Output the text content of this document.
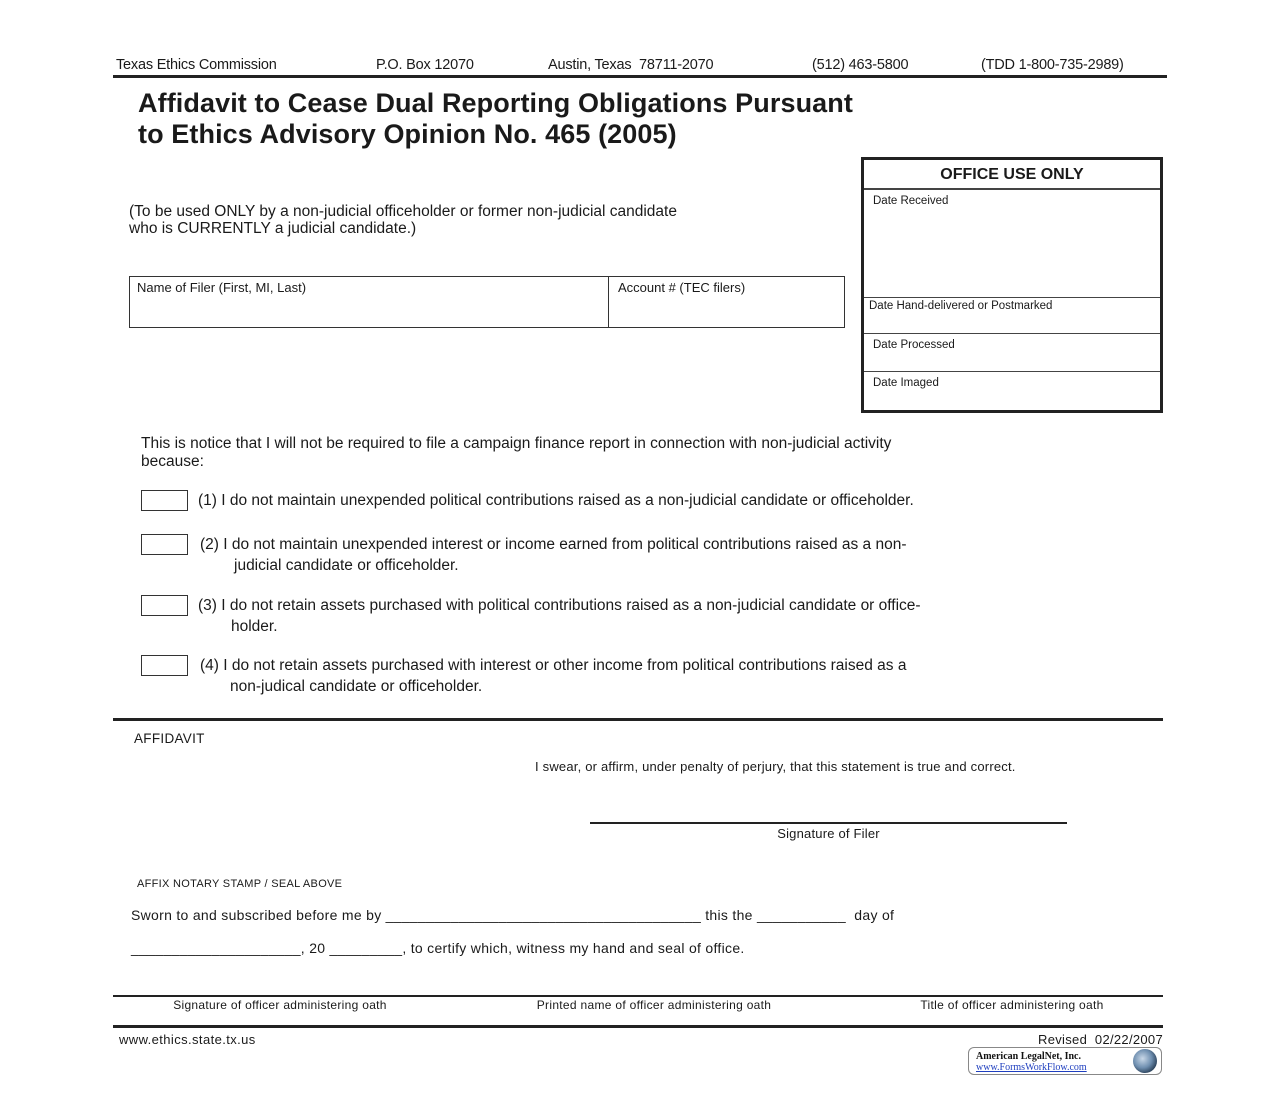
Texas Ethics Commission	P.O. Box 12070	Austin, Texas  78711-2070	(512) 463-5800	(TDD 1-800-735-2989)
Affidavit to Cease Dual Reporting Obligations Pursuant
to Ethics Advisory Opinion No. 465 (2005)
OFFICE USE ONLY
Date Received
Date Hand-delivered or Postmarked
Date Processed
Date Imaged
(To be used ONLY by a non-judicial officeholder or former non-judicial candidate
who is CURRENTLY a judicial candidate.)
Name of Filer (First, MI, Last)	Account # (TEC filers)
This is notice that I will not be required to file a campaign finance report in connection with non-judicial activity
because:
(1) I do not maintain unexpended political contributions raised as a non-judicial candidate or officeholder.
(2) I do not maintain unexpended interest or income earned from political contributions raised as a non-
judicial candidate or officeholder.
(3) I do not retain assets purchased with political contributions raised as a non-judicial candidate or office-
holder.
(4) I do not retain assets purchased with interest or other income from political contributions raised as a
non-judical candidate or officeholder.
AFFIDAVIT
I swear, or affirm, under penalty of perjury, that this statement is true and correct.
Signature of Filer
AFFIX NOTARY STAMP / SEAL ABOVE
Sworn to and subscribed before me by _______________________________________ this the ___________  day of
_____________________, 20 _________, to certify which, witness my hand and seal of office.
Signature of officer administering oath	Printed name of officer administering oath	Title of officer administering oath
www.ethics.state.tx.us	Revised  02/22/2007
American LegalNet, Inc.
www.FormsWorkFlow.com
